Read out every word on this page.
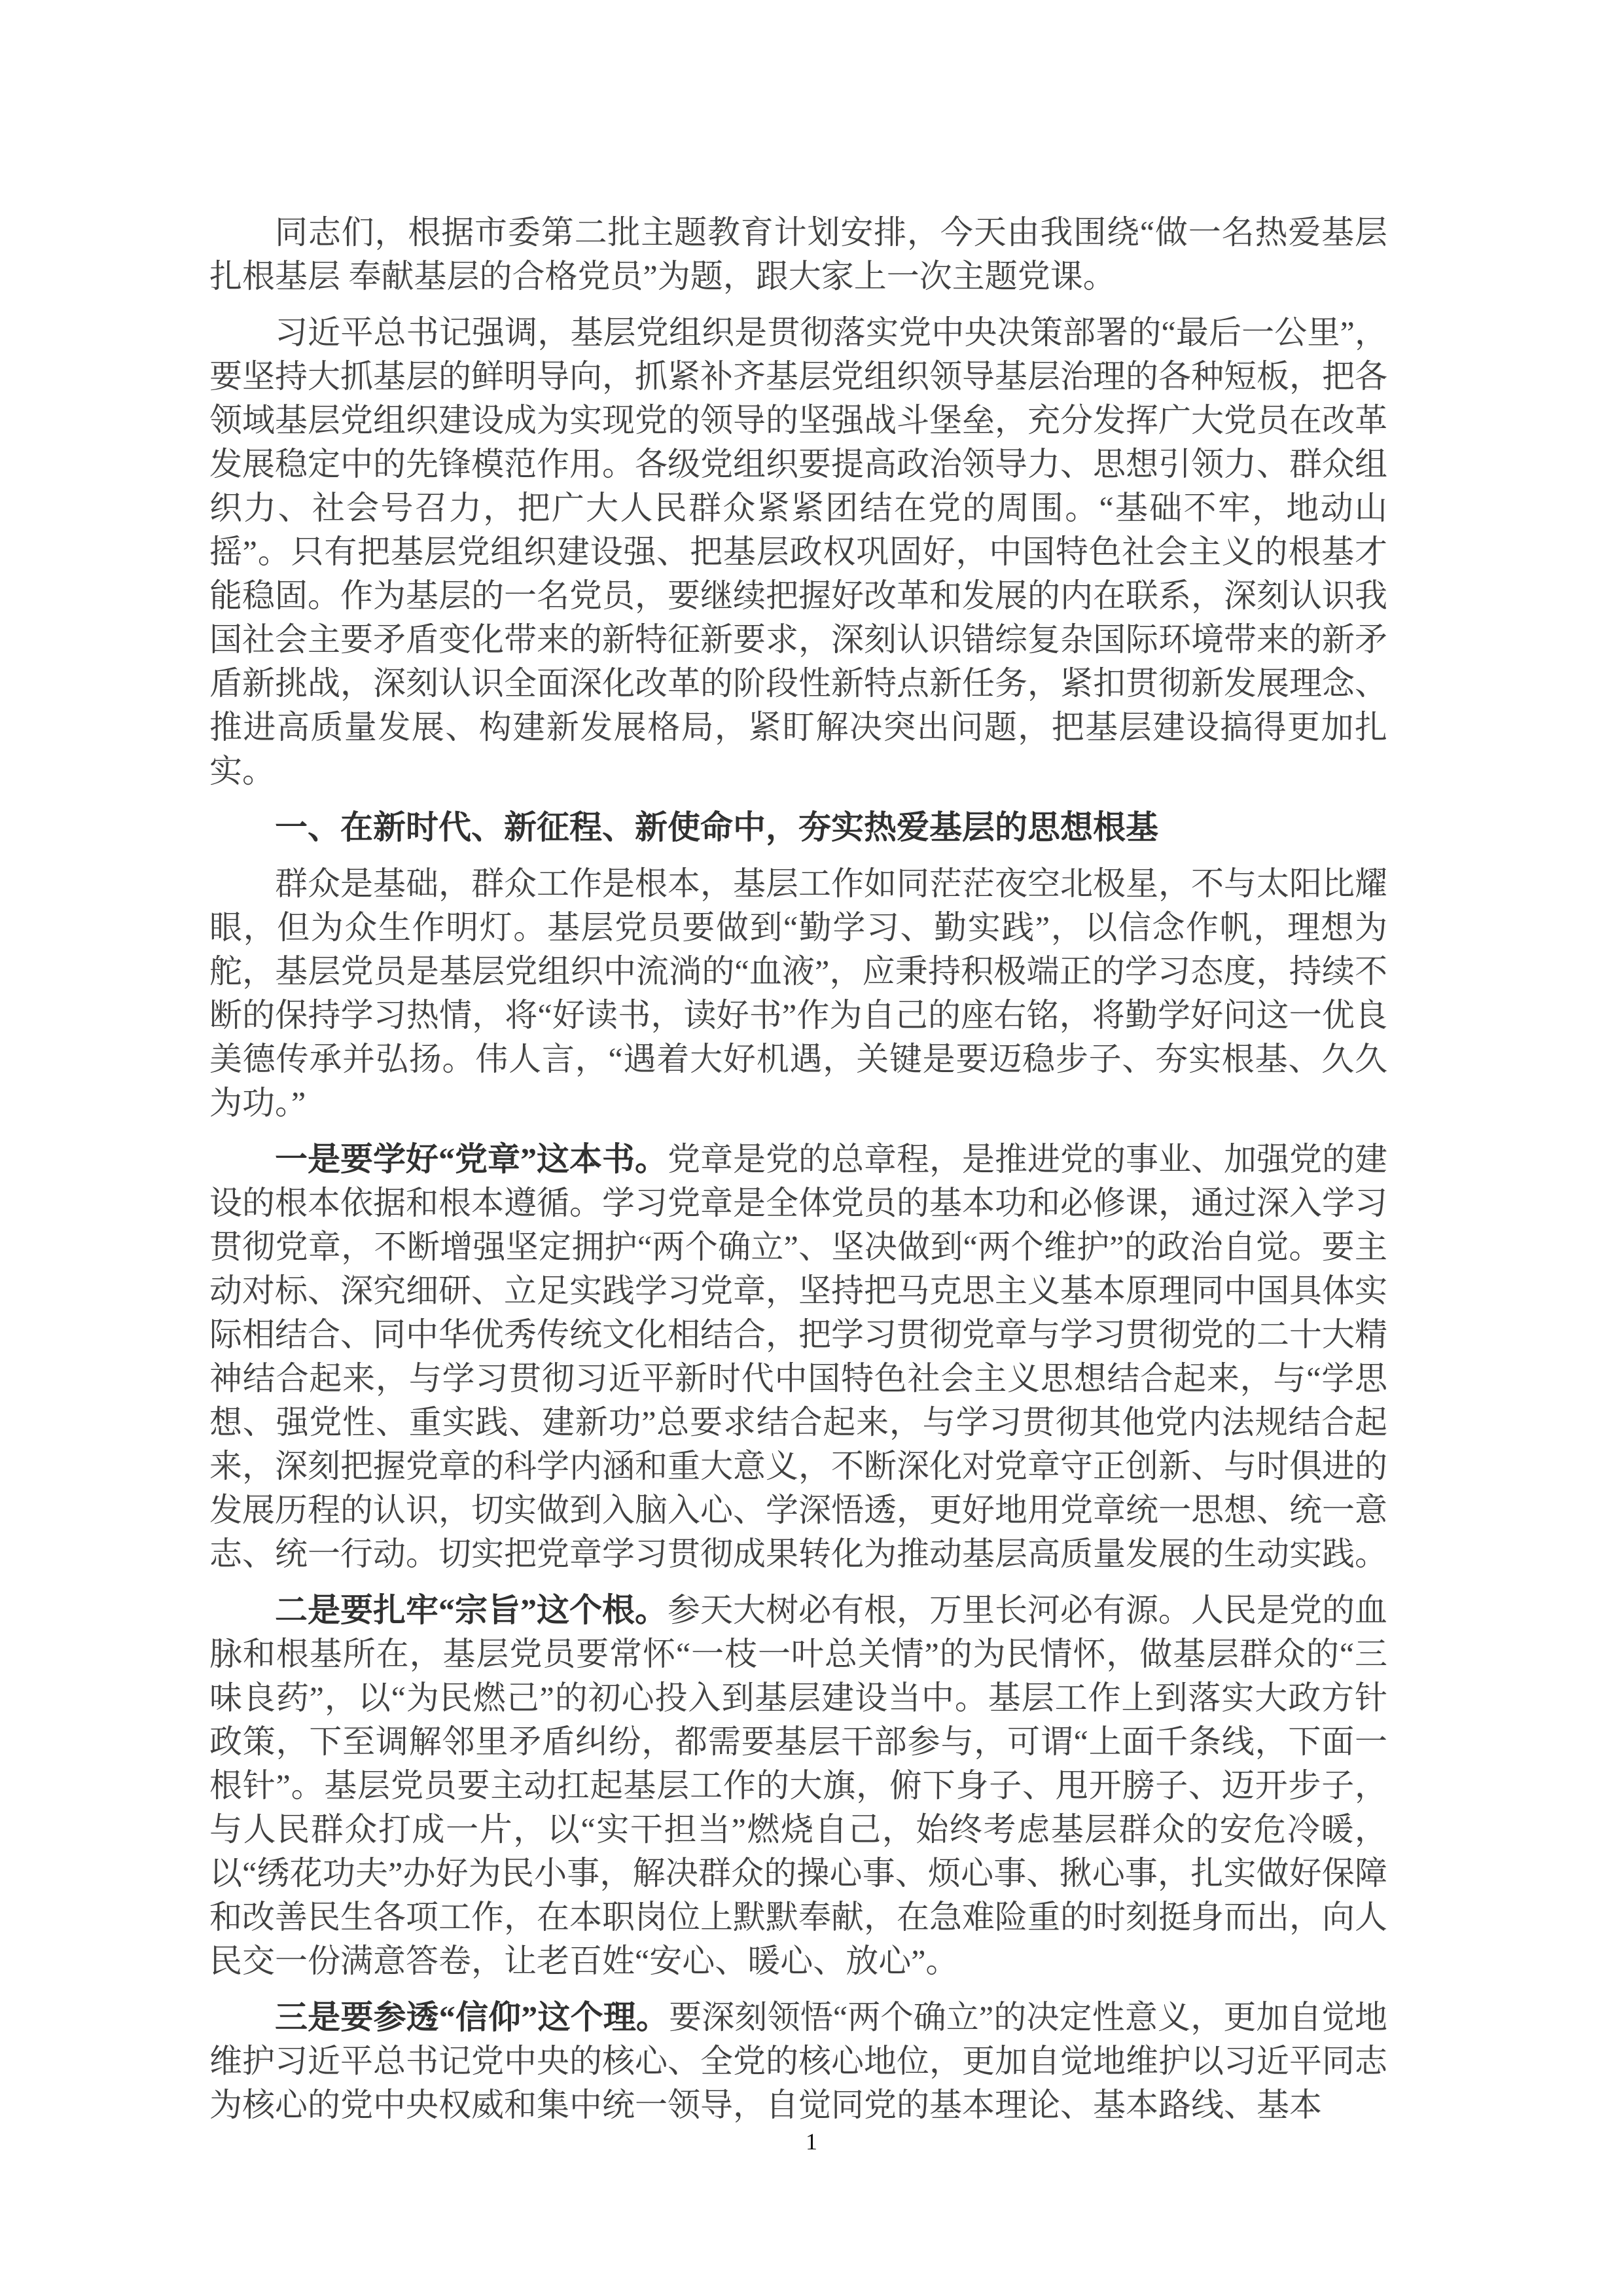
同志们，根据市委第二批主题教育计划安排，今天由我围绕“做一名热爱基层 扎根基层 奉献基层的合格党员”为题，跟大家上一次主题党课。

习近平总书记强调，基层党组织是贯彻落实党中央决策部署的“最后一公里”，要坚持大抓基层的鲜明导向，抓紧补齐基层党组织领导基层治理的各种短板，把各领域基层党组织建设成为实现党的领导的坚强战斗堡垒，充分发挥广大党员在改革发展稳定中的先锋模范作用。各级党组织要提高政治领导力、思想引领力、群众组织力、社会号召力，把广大人民群众紧紧团结在党的周围。“基础不牢，地动山摇”。只有把基层党组织建设强、把基层政权巩固好，中国特色社会主义的根基才能稳固。作为基层的一名党员，要继续把握好改革和发展的内在联系，深刻认识我国社会主要矛盾变化带来的新特征新要求，深刻认识错综复杂国际环境带来的新矛盾新挑战，深刻认识全面深化改革的阶段性新特点新任务，紧扣贯彻新发展理念、推进高质量发展、构建新发展格局，紧盯解决突出问题，把基层建设搞得更加扎实。

一、在新时代、新征程、新使命中，夯实热爱基层的思想根基

群众是基础，群众工作是根本，基层工作如同茫茫夜空北极星，不与太阳比耀眼，但为众生作明灯。基层党员要做到“勤学习、勤实践”，以信念作帆，理想为舵，基层党员是基层党组织中流淌的“血液”，应秉持积极端正的学习态度，持续不断的保持学习热情，将“好读书，读好书”作为自己的座右铭，将勤学好问这一优良美德传承并弘扬。伟人言，“遇着大好机遇，关键是要迈稳步子、夯实根基、久久为功。”

一是要学好“党章”这本书。党章是党的总章程，是推进党的事业、加强党的建设的根本依据和根本遵循。学习党章是全体党员的基本功和必修课，通过深入学习贯彻党章，不断增强坚定拥护“两个确立”、坚决做到“两个维护”的政治自觉。要主动对标、深究细研、立足实践学习党章，坚持把马克思主义基本原理同中国具体实际相结合、同中华优秀传统文化相结合，把学习贯彻党章与学习贯彻党的二十大精神结合起来，与学习贯彻习近平新时代中国特色社会主义思想结合起来，与“学思想、强党性、重实践、建新功”总要求结合起来，与学习贯彻其他党内法规结合起来，深刻把握党章的科学内涵和重大意义，不断深化对党章守正创新、与时俱进的发展历程的认识，切实做到入脑入心、学深悟透，更好地用党章统一思想、统一意志、统一行动。切实把党章学习贯彻成果转化为推动基层高质量发展的生动实践。

二是要扎牢“宗旨”这个根。参天大树必有根，万里长河必有源。人民是党的血脉和根基所在，基层党员要常怀“一枝一叶总关情”的为民情怀，做基层群众的“三味良药”，以“为民燃己”的初心投入到基层建设当中。基层工作上到落实大政方针政策，下至调解邻里矛盾纠纷，都需要基层干部参与，可谓“上面千条线，下面一根针”。基层党员要主动扛起基层工作的大旗，俯下身子、甩开膀子、迈开步子，与人民群众打成一片，以“实干担当”燃烧自己，始终考虑基层群众的安危冷暖，以“绣花功夫”办好为民小事，解决群众的操心事、烦心事、揪心事，扎实做好保障和改善民生各项工作，在本职岗位上默默奉献，在急难险重的时刻挺身而出，向人民交一份满意答卷，让老百姓“安心、暖心、放心”。

三是要参透“信仰”这个理。要深刻领悟“两个确立”的决定性意义，更加自觉地维护习近平总书记党中央的核心、全党的核心地位，更加自觉地维护以习近平同志为核心的党中央权威和集中统一领导，自觉同党的基本理论、基本路线、基本

1
